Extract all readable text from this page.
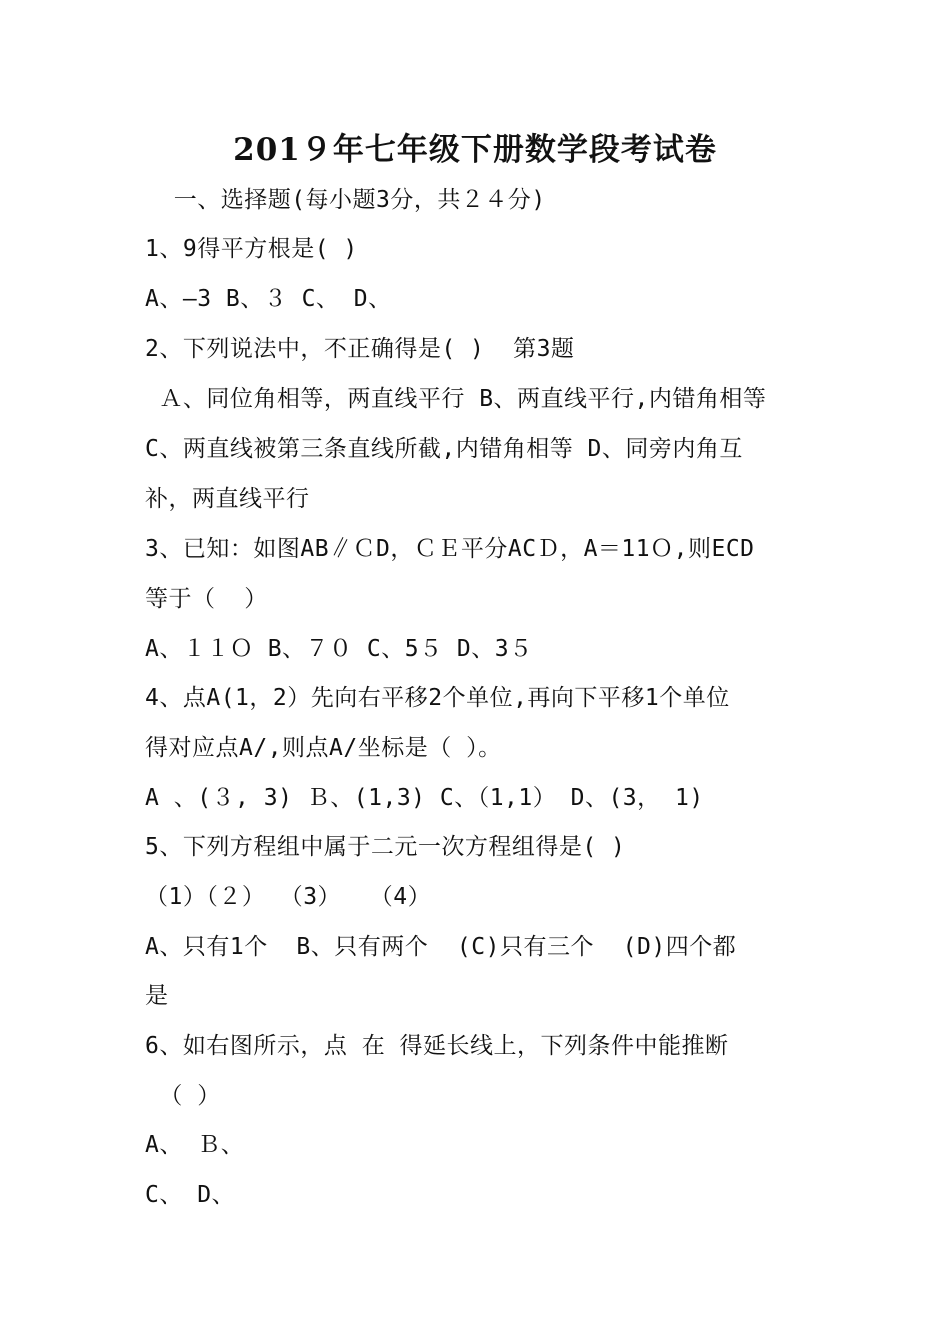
201９年七年级下册数学段考试卷
一、选择题(每小题3分，共２４分)
1、9得平方根是( )
A、—3 B、３ C、 D、
2、下列说法中，不正确得是( )  第3题
Ａ、同位角相等，两直线平行 B、两直线平行,内错角相等
C、两直线被第三条直线所截,内错角相等 D、同旁内角互
补，两直线平行
3、已知：如图AB∥ＣD，ＣＥ平分ACＤ，A＝11Ｏ,则ECD
等于（  ）
A、１１Ｏ B、７０ C、5５ D、3５
4、点A(1，2）先向右平移2个单位,再向下平移1个单位
得对应点A/,则点A/坐标是（ ）。
A 、(３, 3) Ｂ、(1,3) C、（1,1） D、(3， 1)
5、下列方程组中属于二元一次方程组得是( )
（1）（２） （3）  （4）
A、只有1个  B、只有两个  (C)只有三个  (D)四个都
是
6、如右图所示，点 在 得延长线上，下列条件中能推断
（ ）
A、 Ｂ、
C、 D、
